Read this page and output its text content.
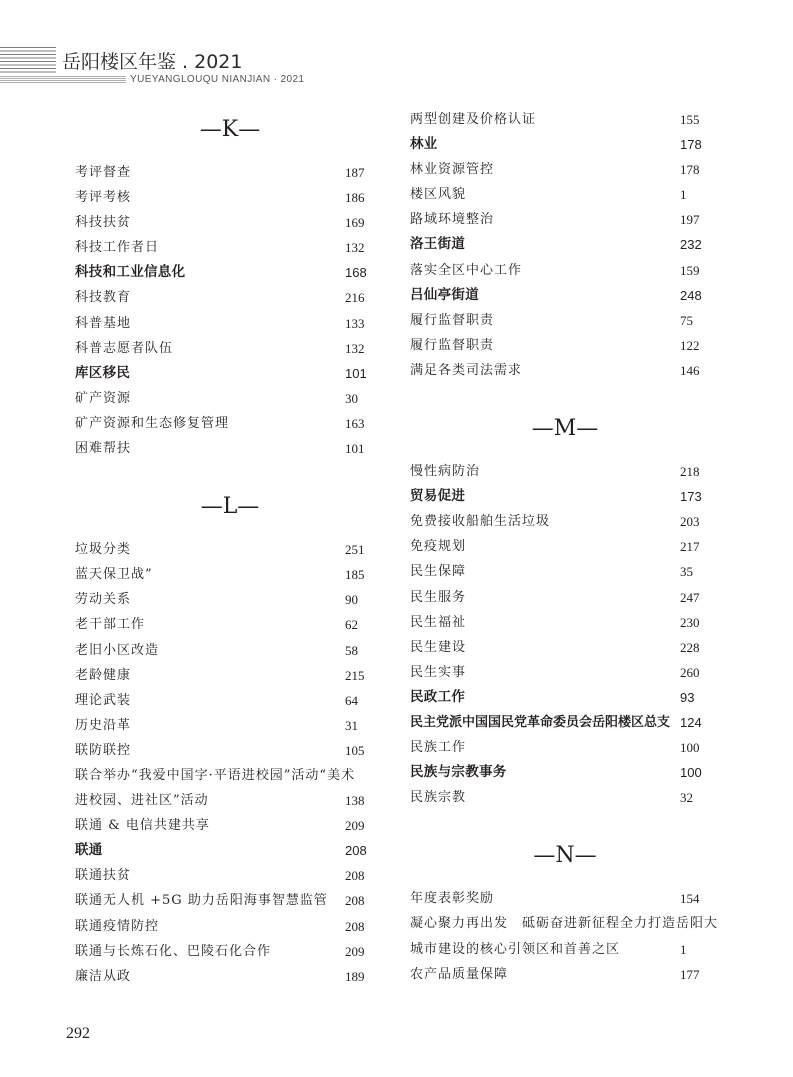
岳阳楼区年鉴 . 2021
YUEYANGLOUQU NIANJIAN · 2021
—K—
考评督查	187
考评考核	186
科技扶贫	169
科技工作者日	132
科技和工业信息化	168
科技教育	216
科普基地	133
科普志愿者队伍	132
库区移民	101
矿产资源	30
矿产资源和生态修复管理	163
困难帮扶	101
—L—
垃圾分类	251
蓝天保卫战”	185
劳动关系	90
老干部工作	62
老旧小区改造	58
老龄健康	215
理论武装	64
历史沿革	31
联防联控	105
联合举办“我爱中国字·平语进校园”活动“美术
进校园、进社区”活动	138
联通 & 电信共建共享	209
联通	208
联通扶贫	208
联通无人机 +5G 助力岳阳海事智慧监管 208
联通疫情防控	208
联通与长炼石化、巴陵石化合作	209
廉洁从政	189
两型创建及价格认证	155
林业	178
林业资源管控	178
楼区风貌	1
路域环境整治	197
洛王街道	232
落实全区中心工作	159
吕仙亭街道	248
履行监督职责	75
履行监督职责	122
满足各类司法需求	146
—M—
慢性病防治	218
贸易促进	173
免费接收船舶生活垃圾	203
免疫规划	217
民生保障	35
民生服务	247
民生福祉	230
民生建设	228
民生实事	260
民政工作	93
民主党派中国国民党革命委员会岳阳楼区总支 124
民族工作	100
民族与宗教事务	100
民族宗教	32
—N—
年度表彰奖励	154
凝心聚力再出发　砥砺奋进新征程全力打造岳阳大
城市建设的核心引领区和首善之区	1
农产品质量保障	177
292
